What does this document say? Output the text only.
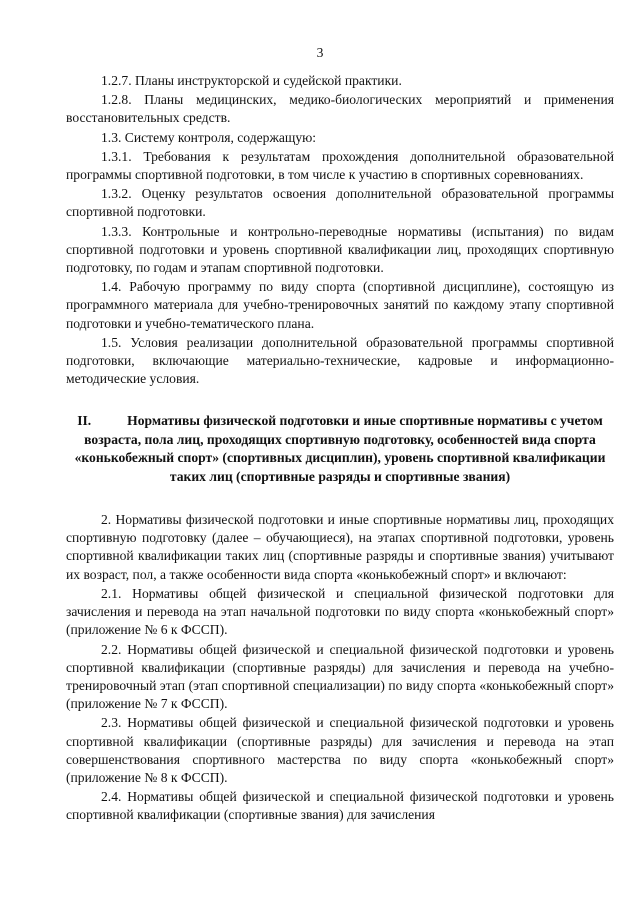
3

1.2.7. Планы инструкторской и судейской практики.

1.2.8. Планы медицинских, медико-биологических мероприятий и применения восстановительных средств.

1.3. Систему контроля, содержащую:

1.3.1. Требования к результатам прохождения дополнительной образовательной программы спортивной подготовки, в том числе к участию в спортивных соревнованиях.

1.3.2. Оценку результатов освоения дополнительной образовательной программы спортивной подготовки.

1.3.3. Контрольные и контрольно-переводные нормативы (испытания) по видам спортивной подготовки и уровень спортивной квалификации лиц, проходящих спортивную подготовку, по годам и этапам спортивной подготовки.

1.4. Рабочую программу по виду спорта (спортивной дисциплине), состоящую из программного материала для учебно-тренировочных занятий по каждому этапу спортивной подготовки и учебно-тематического плана.

1.5. Условия реализации дополнительной образовательной программы спортивной подготовки, включающие материально-технические, кадровые и информационно-методические условия.

II.	Нормативы физической подготовки и иные спортивные нормативы с учетом возраста, пола лиц, проходящих спортивную подготовку, особенностей вида спорта «конькобежный спорт» (спортивных дисциплин), уровень спортивной квалификации таких лиц (спортивные разряды и спортивные звания)

2. Нормативы физической подготовки и иные спортивные нормативы лиц, проходящих спортивную подготовку (далее – обучающиеся), на этапах спортивной подготовки, уровень спортивной квалификации таких лиц (спортивные разряды и спортивные звания) учитывают их возраст, пол, а также особенности вида спорта «конькобежный спорт» и включают:

2.1. Нормативы общей физической и специальной физической подготовки для зачисления и перевода на этап начальной подготовки по виду спорта «конькобежный спорт» (приложение № 6 к ФССП).

2.2. Нормативы общей физической и специальной физической подготовки и уровень спортивной квалификации (спортивные разряды) для зачисления и перевода на учебно-тренировочный этап (этап спортивной специализации) по виду спорта «конькобежный спорт» (приложение № 7 к ФССП).

2.3. Нормативы общей физической и специальной физической подготовки и уровень спортивной квалификации (спортивные разряды) для зачисления и перевода на этап совершенствования спортивного мастерства по виду спорта «конькобежный спорт» (приложение № 8 к ФССП).

2.4. Нормативы общей физической и специальной физической подготовки и уровень спортивной квалификации (спортивные звания) для зачисления
